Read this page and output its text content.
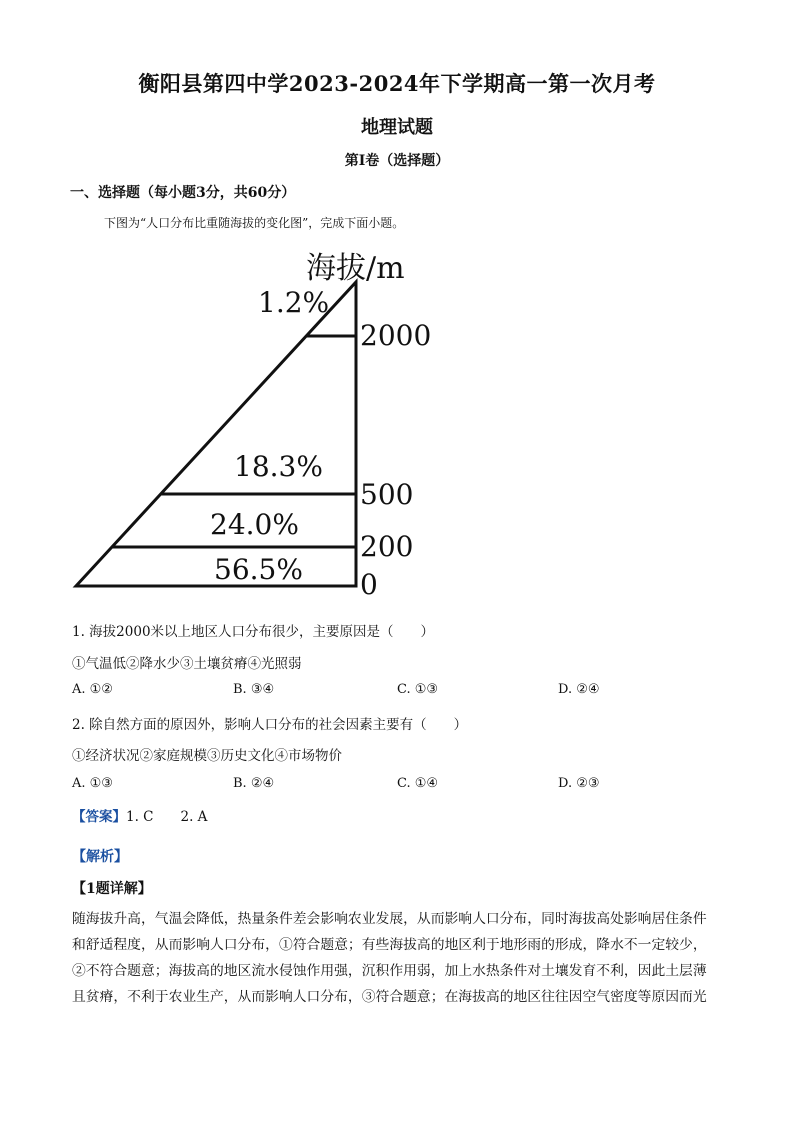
衡阳县第四中学2023-2024年下学期高一第一次月考
地理试题
第Ⅰ卷（选择题）
一、选择题（每小题3分，共60分）
下图为“人口分布比重随海拔的变化图”，完成下面小题。
海拔/m
2000
500
200
0
1.2%
18.3%
24.0%
56.5%
1. 海拔2000米以上地区人口分布很少，主要原因是（　　）
①气温低②降水少③土壤贫瘠④光照弱
A. ①②	B. ③④	C. ①③	D. ②④
2. 除自然方面的原因外，影响人口分布的社会因素主要有（　　）
①经济状况②家庭规模③历史文化④市场物价
A. ①③	B. ②④	C. ①④	D. ②③
【答案】1. C　　2. A
【解析】
【1题详解】
随海拔升高，气温会降低，热量条件差会影响农业发展，从而影响人口分布，同时海拔高处影响居住条件
和舒适程度，从而影响人口分布，①符合题意；有些海拔高的地区利于地形雨的形成，降水不一定较少，
②不符合题意；海拔高的地区流水侵蚀作用强，沉积作用弱，加上水热条件对土壤发育不利，因此土层薄
且贫瘠，不利于农业生产，从而影响人口分布，③符合题意；在海拔高的地区往往因空气密度等原因而光
